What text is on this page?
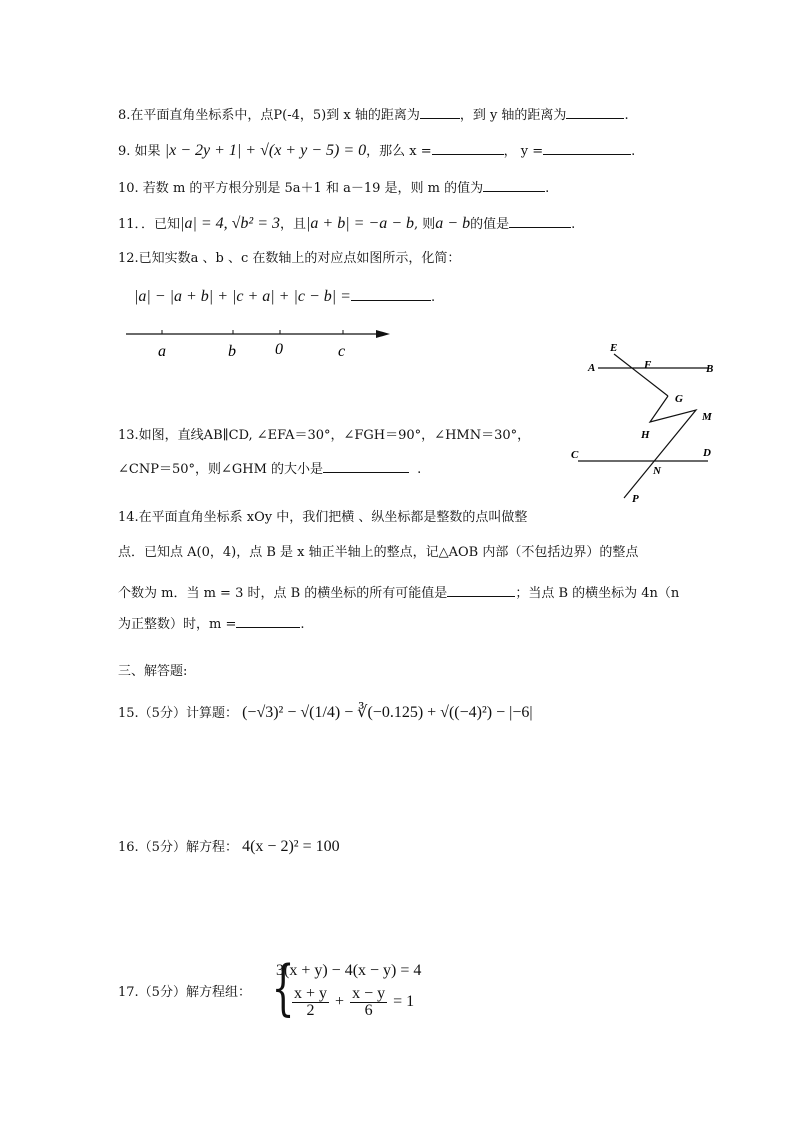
8.在平面直角坐标系中，点P(-4，5)到 x 轴的距离为	，到 y 轴的距离为	.
9. 如果 |x − 2y + 1| + √(x + y − 5) = 0，那么 x =	， y =	.
10. 若数 m 的平方根分别是 5a＋1 和 a－19 是，则 m 的值为	.
11．．已知|a| = 4, √b² = 3，且|a + b| = −a − b, 则a − b的值是	.
12.已知实数a 、b 、c 在数轴上的对应点如图所示，化简：
|a| − |a + b| + |c + a| + |c − b| =	.
a	b 0	c	E
A	F	B
G
M
H
C	D
N
P
13.如图，直线AB∥CD, ∠EFA＝30°，∠FGH＝90°，∠HMN＝30°，
∠CNP＝50°，则∠GHM 的大小是	.
14.在平面直角坐标系 xOy 中，我们把横 、纵坐标都是整数的点叫做整
点．已知点 A(0，4)，点 B 是 x 轴正半轴上的整点，记△AOB 内部（不包括边界）的整点
个数为 m．当 m = 3 时，点 B 的横坐标的所有可能值是	；当点 B 的横坐标为 4n（n
为正整数）时，m =	.
三、解答题:
15.（5分）计算题： (−√3)² − √(1/4) − ∛(−0.125) + √((−4)²) − |−6|
16.（5分）解方程： 4(x − 2)² = 100
17.（5分）解方程组： {
3(x + y) − 4(x − y) = 4
$\frac{x + y}{2} + \frac{x - y}{6} = 1$
